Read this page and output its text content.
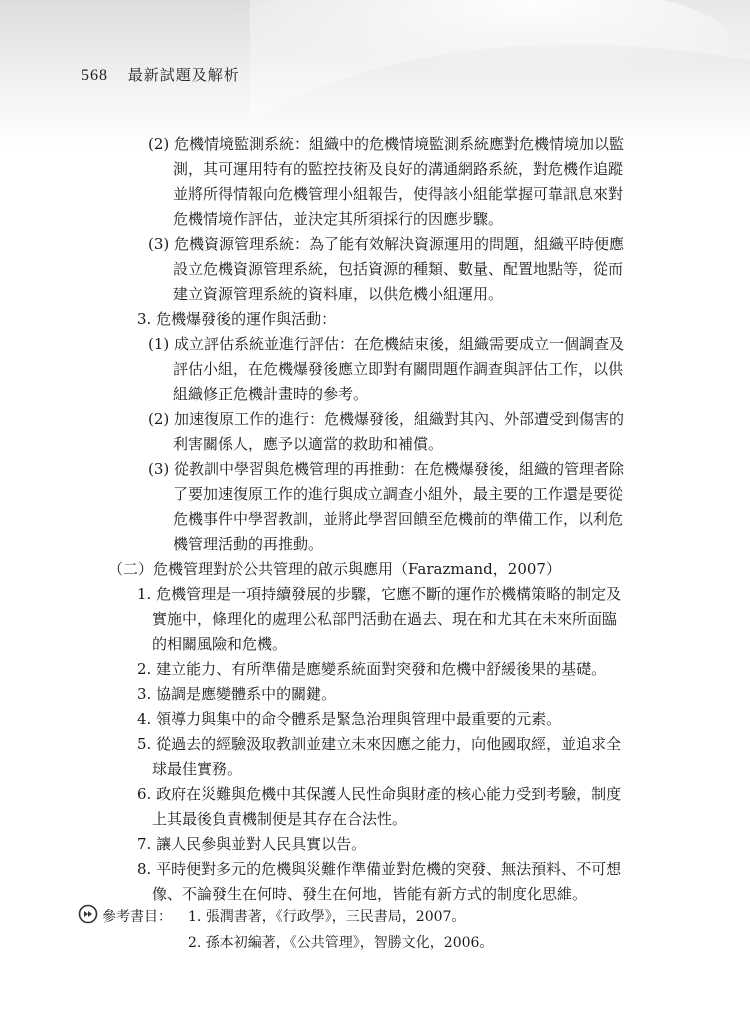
568 最新試題及解析
(2) 危機情境監測系統：組織中的危機情境監測系統應對危機情境加以監
測，其可運用特有的監控技術及良好的溝通網路系統，對危機作追蹤
並將所得情報向危機管理小組報告，使得該小組能掌握可靠訊息來對
危機情境作評估，並決定其所須採行的因應步驟。
(3) 危機資源管理系統：為了能有效解決資源運用的問題，組織平時便應
設立危機資源管理系統，包括資源的種類、數量、配置地點等，從而
建立資源管理系統的資料庫，以供危機小組運用。
3. 危機爆發後的運作與活動：
(1) 成立評估系統並進行評估：在危機結束後，組織需要成立一個調查及
評估小組，在危機爆發後應立即對有關問題作調查與評估工作，以供
組織修正危機計畫時的參考。
(2) 加速復原工作的進行：危機爆發後，組織對其內、外部遭受到傷害的
利害關係人，應予以適當的救助和補償。
(3) 從教訓中學習與危機管理的再推動：在危機爆發後，組織的管理者除
了要加速復原工作的進行與成立調查小組外，最主要的工作還是要從
危機事件中學習教訓，並將此學習回饋至危機前的準備工作，以利危
機管理活動的再推動。
（二）危機管理對於公共管理的啟示與應用（Farazmand，2007）
1. 危機管理是一項持續發展的步驟，它應不斷的運作於機構策略的制定及
實施中，條理化的處理公私部門活動在過去、現在和尤其在未來所面臨
的相關風險和危機。
2. 建立能力、有所準備是應變系統面對突發和危機中舒緩後果的基礎。
3. 協調是應變體系中的關鍵。
4. 領導力與集中的命令體系是緊急治理與管理中最重要的元素。
5. 從過去的經驗汲取教訓並建立未來因應之能力，向他國取經，並追求全
球最佳實務。
6. 政府在災難與危機中其保護人民性命與財產的核心能力受到考驗，制度
上其最後負責機制便是其存在合法性。
7. 讓人民參與並對人民具實以告。
8. 平時便對多元的危機與災難作準備並對危機的突發、無法預料、不可想
像、不論發生在何時、發生在何地，皆能有新方式的制度化思維。
參考書目： 1. 張潤書著，《行政學》，三民書局，2007。
2. 孫本初編著，《公共管理》，智勝文化，2006。
